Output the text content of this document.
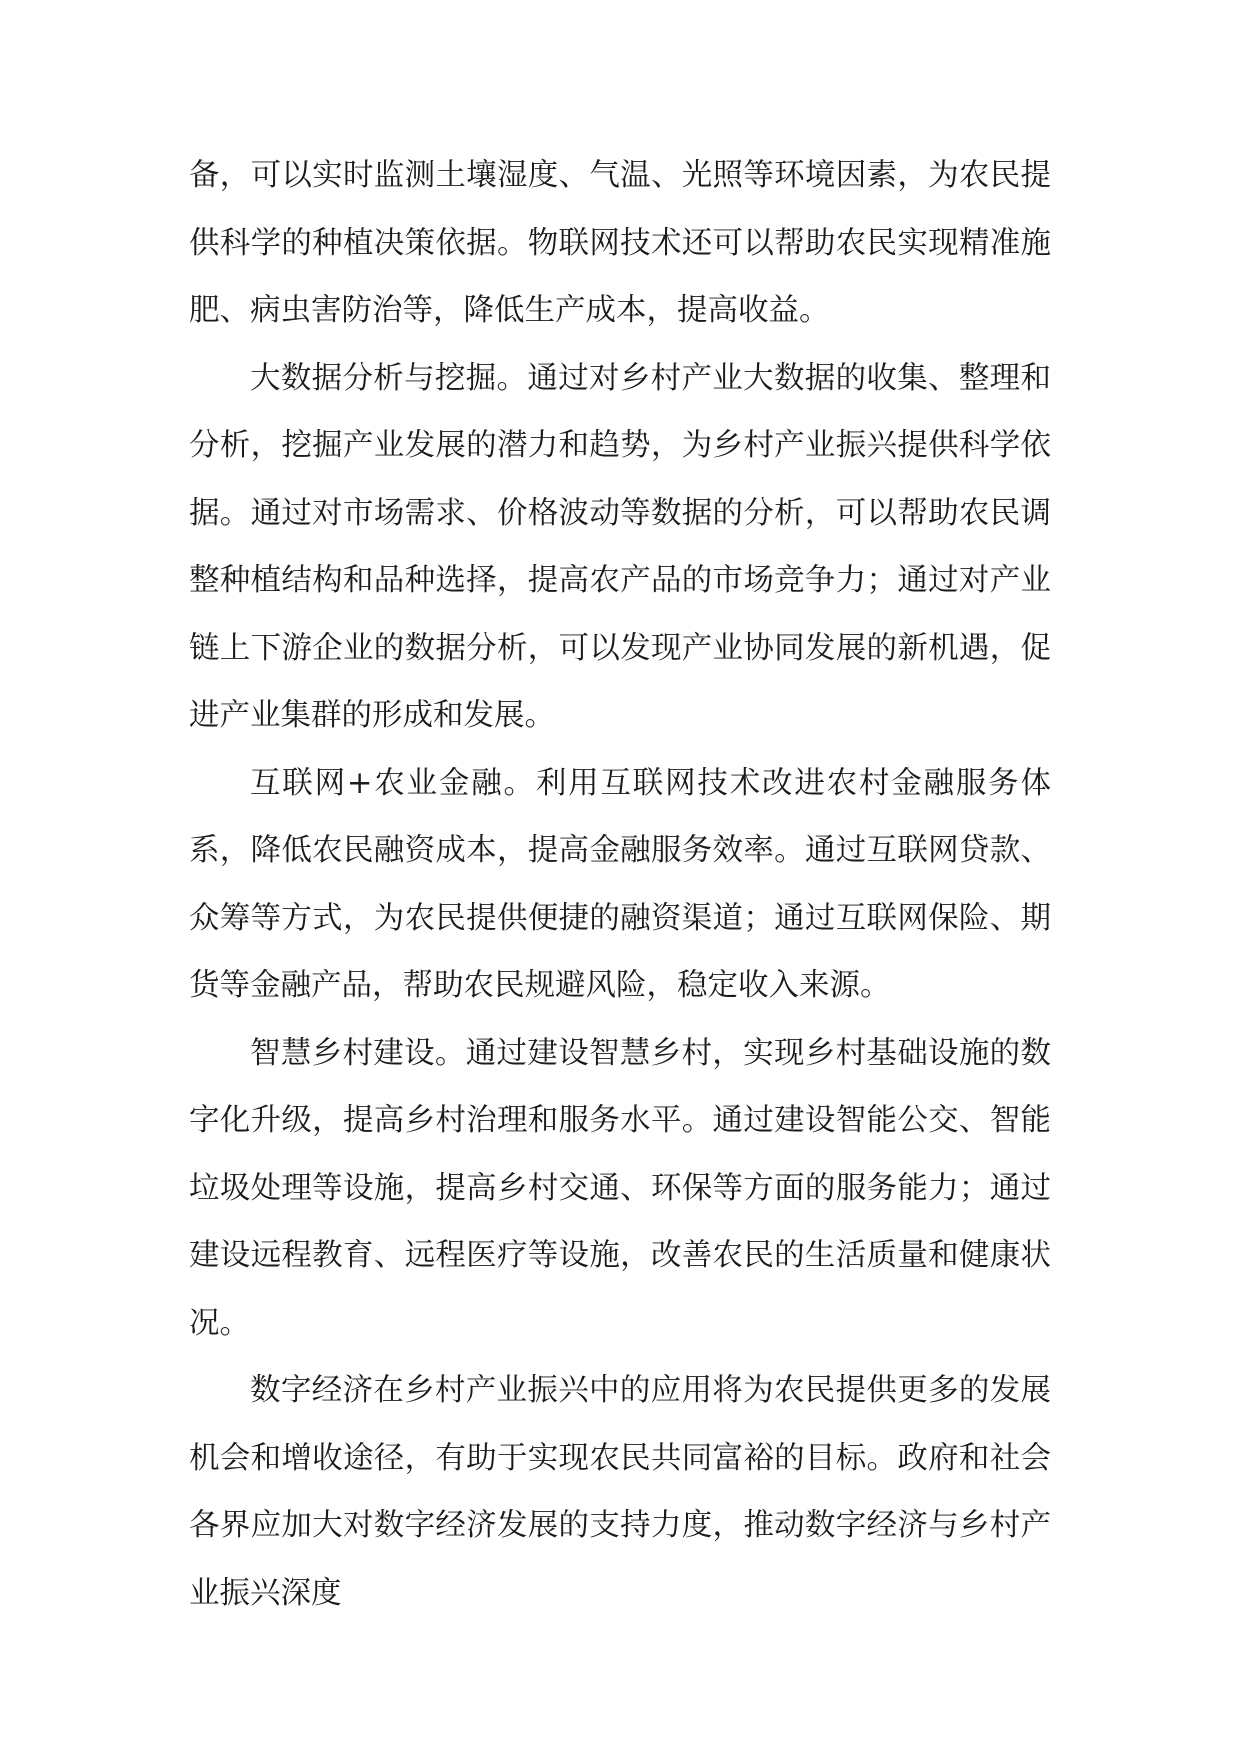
备，可以实时监测土壤湿度、气温、光照等环境因素，为农民提供科学的种植决策依据。物联网技术还可以帮助农民实现精准施肥、病虫害防治等，降低生产成本，提高收益。

大数据分析与挖掘。通过对乡村产业大数据的收集、整理和分析，挖掘产业发展的潜力和趋势，为乡村产业振兴提供科学依据。通过对市场需求、价格波动等数据的分析，可以帮助农民调整种植结构和品种选择，提高农产品的市场竞争力；通过对产业链上下游企业的数据分析，可以发现产业协同发展的新机遇，促进产业集群的形成和发展。

互联网+农业金融。利用互联网技术改进农村金融服务体系，降低农民融资成本，提高金融服务效率。通过互联网贷款、众筹等方式，为农民提供便捷的融资渠道；通过互联网保险、期货等金融产品，帮助农民规避风险，稳定收入来源。

智慧乡村建设。通过建设智慧乡村，实现乡村基础设施的数字化升级，提高乡村治理和服务水平。通过建设智能公交、智能垃圾处理等设施，提高乡村交通、环保等方面的服务能力；通过建设远程教育、远程医疗等设施，改善农民的生活质量和健康状况。

数字经济在乡村产业振兴中的应用将为农民提供更多的发展机会和增收途径，有助于实现农民共同富裕的目标。政府和社会各界应加大对数字经济发展的支持力度，推动数字经济与乡村产业振兴深度
